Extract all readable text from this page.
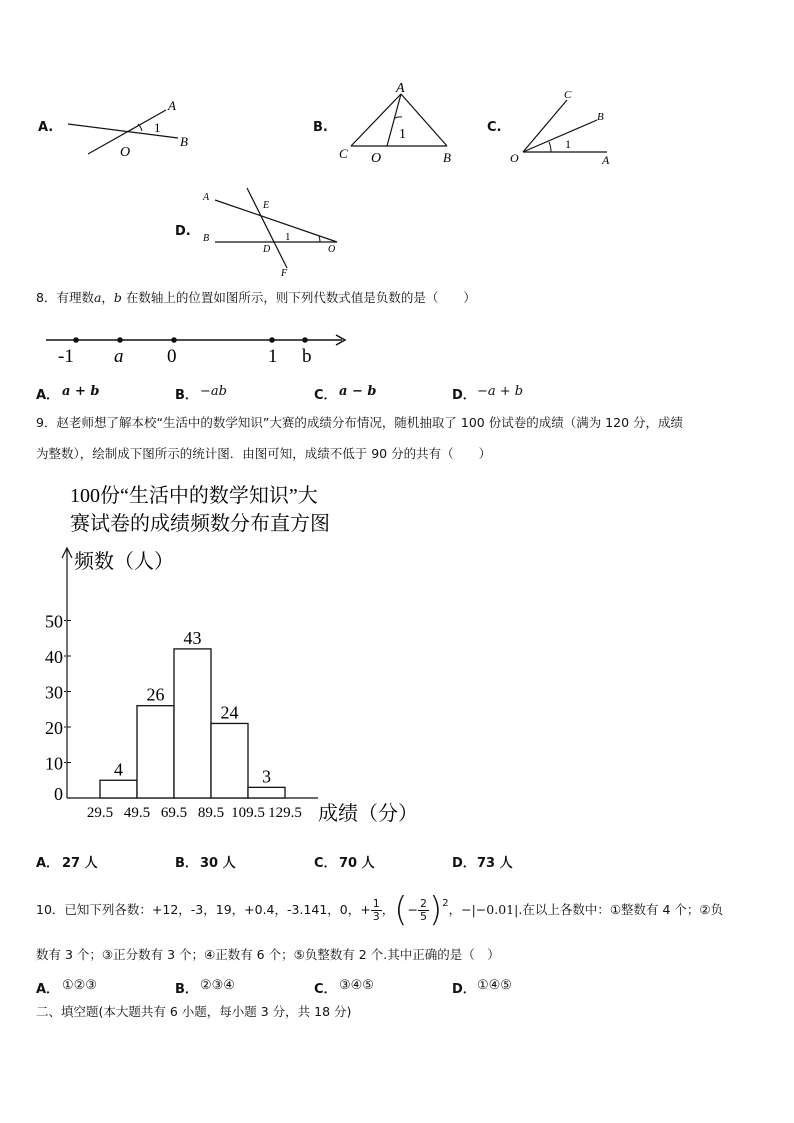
A.
A
1
B
O
B.
A
1
C O	B
C.
C
B
1
O	A
D.
A
E
B	1
D	O
F
8．有理数a，b 在数轴上的位置如图所示，则下列代数式值是负数的是（　　）
-1 a 0	1 b
A． a + b	B． −ab	C． a − b	D． −a + b
9．赵老师想了解本校“生活中的数学知识”大赛的成绩分布情况，随机抽取了 100 份试卷的成绩（满为 120 分，成绩
为整数），绘制成下图所示的统计图．由图可知，成绩不低于 90 分的共有（　　）
100份“生活中的数学知识”大
赛试卷的成绩频数分布直方图
频数（人）
成绩（分）
0
10
20
30
40
50
29.5 49.5 69.5 89.5 109.5 129.5
4
26
43
24
3
A． 27 人	B． 30 人	C． 70 人	D． 73 人
10．已知下列各数：+12，-3，19，+0.4，-3.141，0，+ $\frac{1}{3}$ ， ( − $\frac{2}{5} )^2$ ，−|−0.01| .在以上各数中：①整数有 4 个；②负
数有 3 个；③正分数有 3 个；④正数有 6 个；⑤负整数有 2 个.其中正确的是（　）
A． ①②③	B． ②③④	C． ③④⑤	D． ①④⑤
二、填空题(本大题共有 6 小题，每小题 3 分，共 18 分)
